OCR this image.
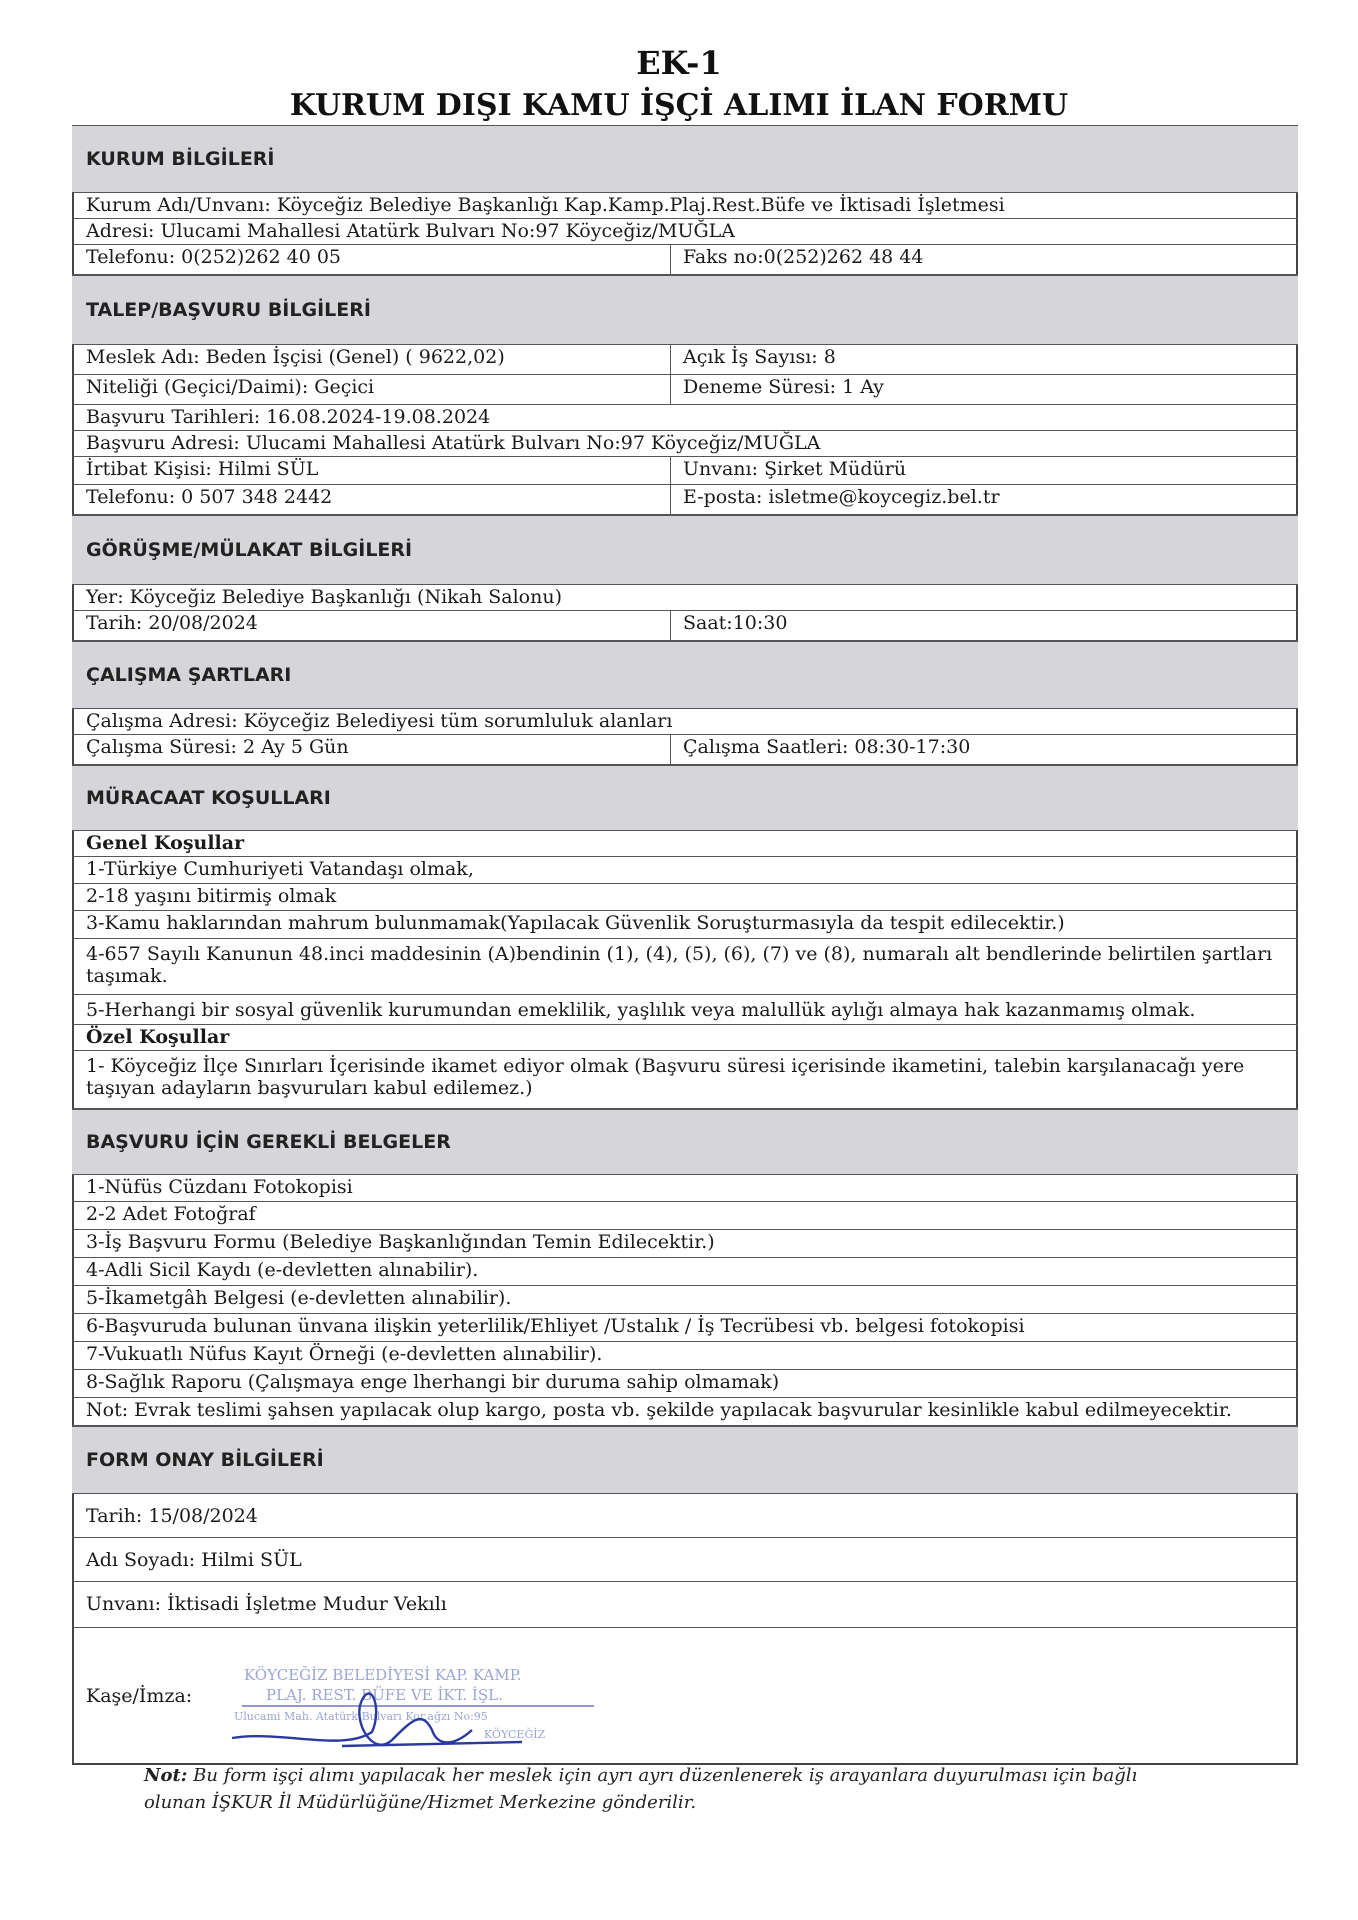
EK-1
KURUM DIŞI KAMU İŞÇİ ALIMI İLAN FORMU
KURUM BİLGİLERİ
Kurum Adı/Unvanı: Köyceğiz Belediye Başkanlığı Kap.Kamp.Plaj.Rest.Büfe ve İktisadi İşletmesi
Adresi: Ulucami Mahallesi Atatürk Bulvarı No:97 Köyceğiz/MUĞLA
Telefonu: 0(252)262 40 05	Faks no:0(252)262 48 44
TALEP/BAŞVURU BİLGİLERİ
Meslek Adı: Beden İşçisi (Genel) ( 9622,02)	Açık İş Sayısı: 8
Niteliği (Geçici/Daimi): Geçici	Deneme Süresi: 1 Ay
Başvuru Tarihleri: 16.08.2024-19.08.2024
Başvuru Adresi: Ulucami Mahallesi Atatürk Bulvarı No:97 Köyceğiz/MUĞLA
İrtibat Kişisi: Hilmi SÜL	Unvanı: Şirket Müdürü
Telefonu: 0 507 348 2442	E-posta: isletme@koycegiz.bel.tr
GÖRÜŞME/MÜLAKAT BİLGİLERİ
Yer: Köyceğiz Belediye Başkanlığı (Nikah Salonu)
Tarih: 20/08/2024	Saat:10:30
ÇALIŞMA ŞARTLARI
Çalışma Adresi: Köyceğiz Belediyesi tüm sorumluluk alanları
Çalışma Süresi: 2 Ay 5 Gün	Çalışma Saatleri: 08:30-17:30
MÜRACAAT KOŞULLARI
Genel Koşullar
1-Türkiye Cumhuriyeti Vatandaşı olmak,
2-18 yaşını bitirmiş olmak
3-Kamu haklarından mahrum bulunmamak(Yapılacak Güvenlik Soruşturmasıyla da tespit edilecektir.)
4-657 Sayılı Kanunun 48.inci maddesinin (A)bendinin (1), (4), (5), (6), (7) ve (8), numaralı alt bendlerinde belirtilen şartları taşımak.
5-Herhangi bir sosyal güvenlik kurumundan emeklilik, yaşlılık veya malullük aylığı almaya hak kazanmamış olmak.
Özel Koşullar
1- Köyceğiz İlçe Sınırları İçerisinde ikamet ediyor olmak (Başvuru süresi içerisinde ikametini, talebin karşılanacağı yere taşıyan adayların başvuruları kabul edilemez.)
BAŞVURU İÇİN GEREKLİ BELGELER
1-Nüfüs Cüzdanı Fotokopisi
2-2 Adet Fotoğraf
3-İş Başvuru Formu (Belediye Başkanlığından Temin Edilecektir.)
4-Adli Sicil Kaydı (e-devletten alınabilir).
5-İkametgâh Belgesi (e-devletten alınabilir).
6-Başvuruda bulunan ünvana ilişkin yeterlilik/Ehliyet /Ustalık / İş Tecrübesi vb. belgesi fotokopisi
7-Vukuatlı Nüfus Kayıt Örneği (e-devletten alınabilir).
8-Sağlık Raporu (Çalışmaya enge lherhangi bir duruma sahip olmamak)
Not: Evrak teslimi şahsen yapılacak olup kargo, posta vb. şekilde yapılacak başvurular kesinlikle kabul edilmeyecektir.
FORM ONAY BİLGİLERİ
Tarih: 15/08/2024
Adı Soyadı: Hilmi SÜL
Unvanı: İktisadi İşletme Mudur Vekılı
Kaşe/İmza:
KÖYCEĞİZ BELEDİYESİ KAP. KAMP.
PLAJ. REST. BÜFE VE İKT. İŞL.
Ulucami Mah. Atatürk Bulvarı Kor.ağzı No:95
KÖYCEĞİZ
Not: Bu form işçi alımı yapılacak her meslek için ayrı ayrı düzenlenerek iş arayanlara duyurulması için bağlı
olunan İŞKUR İl Müdürlüğüne/Hizmet Merkezine gönderilir.
